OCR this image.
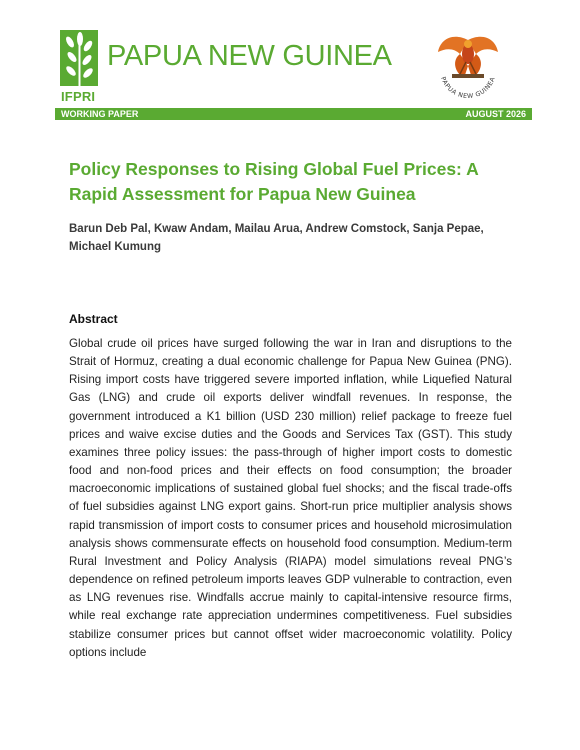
IFPRI
PAPUA NEW GUINEA
PAPUA NEW GUINEA
WORKING PAPER	AUGUST 2026
Policy Responses to Rising Global Fuel Prices: A Rapid Assessment for Papua New Guinea

Barun Deb Pal, Kwaw Andam, Mailau Arua, Andrew Comstock, Sanja Pepae, Michael Kumung

Abstract

Global crude oil prices have surged following the war in Iran and disruptions to the Strait of Hormuz, creating a dual economic challenge for Papua New Guinea (PNG). Rising import costs have triggered severe imported inflation, while Liquefied Natural Gas (LNG) and crude oil exports deliver windfall revenues. In response, the government introduced a K1 billion (USD 230 million) relief package to freeze fuel prices and waive excise duties and the Goods and Services Tax (GST). This study examines three policy issues: the pass-through of higher import costs to domestic food and non-food prices and their effects on food consumption; the broader macroeconomic implications of sustained global fuel shocks; and the fiscal trade-offs of fuel subsidies against LNG export gains. Short-run price multiplier analysis shows rapid transmission of import costs to consumer prices and household microsimulation analysis shows commensurate effects on household food consumption. Medium-term Rural Investment and Policy Analysis (RIAPA) model simulations reveal PNG’s dependence on refined petroleum imports leaves GDP vulnerable to contraction, even as LNG revenues rise. Windfalls accrue mainly to capital-intensive resource firms, while real exchange rate appreciation undermines competitiveness. Fuel subsidies stabilize consumer prices but cannot offset wider macroeconomic volatility. Policy options include
